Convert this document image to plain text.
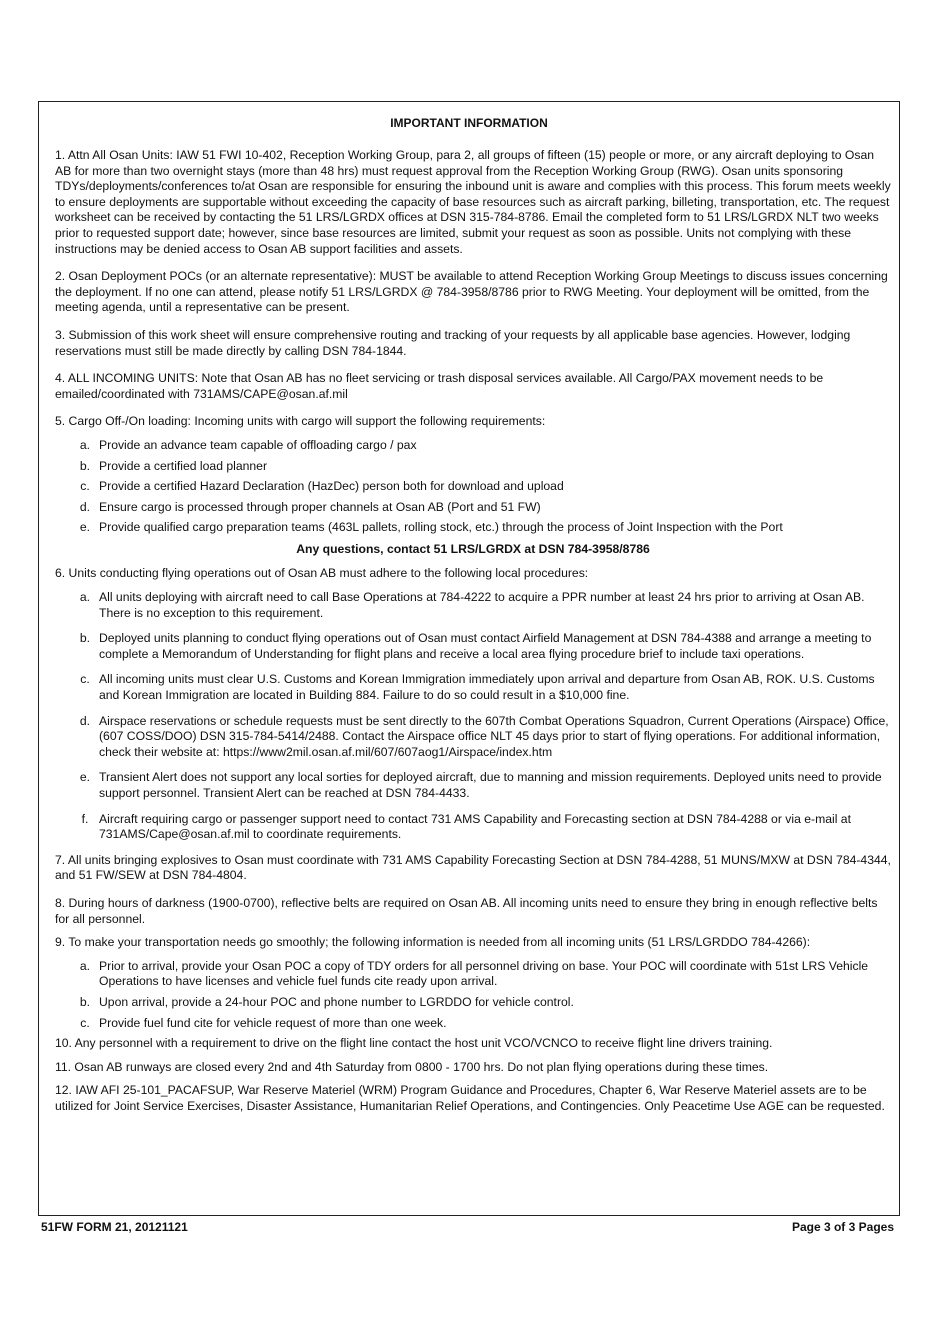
IMPORTANT INFORMATION

1. Attn All Osan Units: IAW 51 FWI 10-402, Reception Working Group, para 2, all groups of fifteen (15) people or more, or any aircraft deploying to Osan AB for more than two overnight stays (more than 48 hrs) must request approval from the Reception Working Group (RWG). Osan units sponsoring TDYs/deployments/conferences to/at Osan are responsible for ensuring the inbound unit is aware and complies with this process. This forum meets weekly to ensure deployments are supportable without exceeding the capacity of base resources such as aircraft parking, billeting, transportation, etc. The request worksheet can be received by contacting the 51 LRS/LGRDX offices at DSN 315-784-8786. Email the completed form to 51 LRS/LGRDX NLT two weeks prior to requested support date; however, since base resources are limited, submit your request as soon as possible. Units not complying with these instructions may be denied access to Osan AB support facilities and assets.

2. Osan Deployment POCs (or an alternate representative): MUST be available to attend Reception Working Group Meetings to discuss issues concerning the deployment. If no one can attend, please notify 51 LRS/LGRDX @ 784-3958/8786 prior to RWG Meeting. Your deployment will be omitted, from the meeting agenda, until a representative can be present.

3. Submission of this work sheet will ensure comprehensive routing and tracking of your requests by all applicable base agencies. However, lodging reservations must still be made directly by calling DSN 784-1844.

4. ALL INCOMING UNITS: Note that Osan AB has no fleet servicing or trash disposal services available. All Cargo/PAX movement needs to be emailed/coordinated with 731AMS/CAPE@osan.af.mil

5. Cargo Off-/On loading: Incoming units with cargo will support the following requirements:

a. Provide an advance team capable of offloading cargo / pax
b. Provide a certified load planner
c. Provide a certified Hazard Declaration (HazDec) person both for download and upload
d. Ensure cargo is processed through proper channels at Osan AB (Port and 51 FW)
e. Provide qualified cargo preparation teams (463L pallets, rolling stock, etc.) through the process of Joint Inspection with the Port
Any questions, contact 51 LRS/LGRDX at DSN 784-3958/8786

6. Units conducting flying operations out of Osan AB must adhere to the following local procedures:

a. All units deploying with aircraft need to call Base Operations at 784-4222 to acquire a PPR number at least 24 hrs prior to arriving at Osan AB. There is no exception to this requirement.
b. Deployed units planning to conduct flying operations out of Osan must contact Airfield Management at DSN 784-4388 and arrange a meeting to complete a Memorandum of Understanding for flight plans and receive a local area flying procedure brief to include taxi operations.
c. All incoming units must clear U.S. Customs and Korean Immigration immediately upon arrival and departure from Osan AB, ROK. U.S. Customs and Korean Immigration are located in Building 884. Failure to do so could result in a $10,000 fine.
d. Airspace reservations or schedule requests must be sent directly to the 607th Combat Operations Squadron, Current Operations (Airspace) Office, (607 COSS/DOO) DSN 315-784-5414/2488. Contact the Airspace office NLT 45 days prior to start of flying operations. For additional information, check their website at: https://www2mil.osan.af.mil/607/607aog1/Airspace/index.htm
e. Transient Alert does not support any local sorties for deployed aircraft, due to manning and mission requirements. Deployed units need to provide support personnel. Transient Alert can be reached at DSN 784-4433.
f. Aircraft requiring cargo or passenger support need to contact 731 AMS Capability and Forecasting section at DSN 784-4288 or via e-mail at 731AMS/Cape@osan.af.mil to coordinate requirements.

7. All units bringing explosives to Osan must coordinate with 731 AMS Capability Forecasting Section at DSN 784-4288, 51 MUNS/MXW at DSN 784-4344, and 51 FW/SEW at DSN 784-4804.

8. During hours of darkness (1900-0700), reflective belts are required on Osan AB. All incoming units need to ensure they bring in enough reflective belts for all personnel.

9. To make your transportation needs go smoothly; the following information is needed from all incoming units (51 LRS/LGRDDO 784-4266):

a. Prior to arrival, provide your Osan POC a copy of TDY orders for all personnel driving on base. Your POC will coordinate with 51st LRS Vehicle Operations to have licenses and vehicle fuel funds cite ready upon arrival.
b. Upon arrival, provide a 24-hour POC and phone number to LGRDDO for vehicle control.
c. Provide fuel fund cite for vehicle request of more than one week.

10. Any personnel with a requirement to drive on the flight line contact the host unit VCO/VCNCO to receive flight line drivers training.

11. Osan AB runways are closed every 2nd and 4th Saturday from 0800 - 1700 hrs. Do not plan flying operations during these times.

12. IAW AFI 25-101_PACAFSUP, War Reserve Materiel (WRM) Program Guidance and Procedures, Chapter 6, War Reserve Materiel assets are to be utilized for Joint Service Exercises, Disaster Assistance, Humanitarian Relief Operations, and Contingencies. Only Peacetime Use AGE can be requested.

51FW FORM 21, 20121121	Page 3 of 3 Pages
